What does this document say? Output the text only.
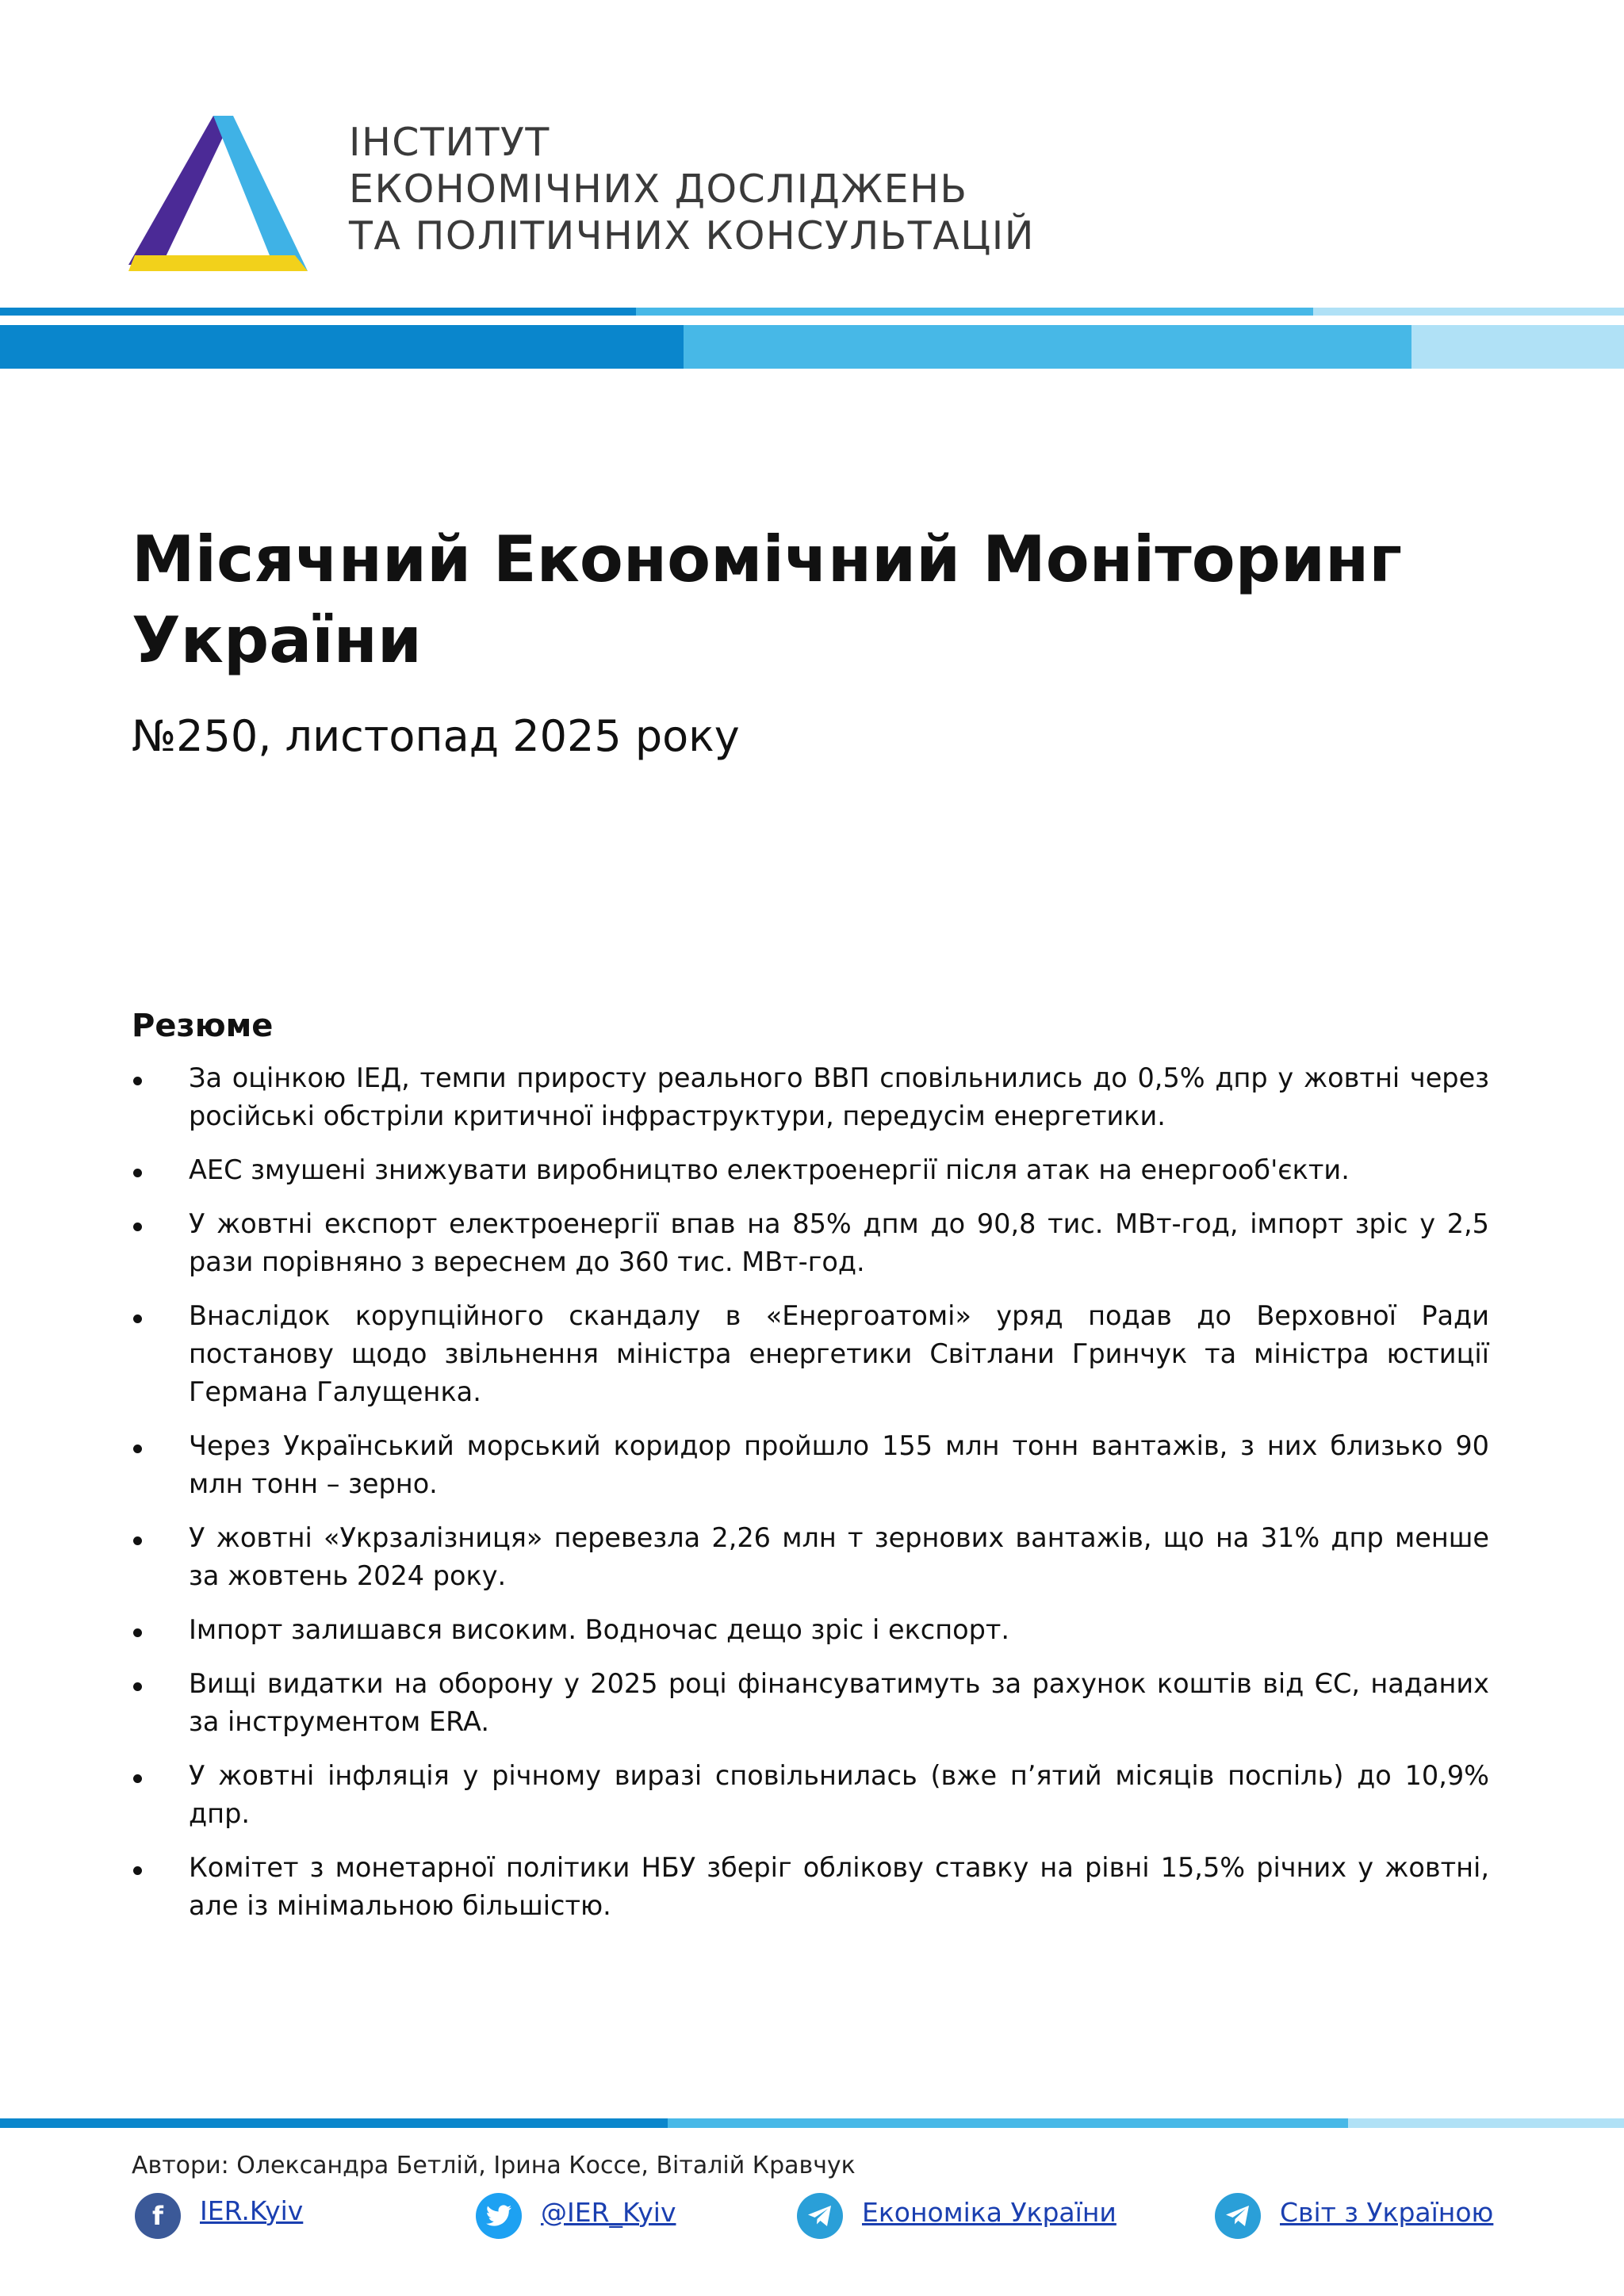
ІНСТИТУТ
ЕКОНОМІЧНИХ ДОСЛІДЖЕНЬ
ТА ПОЛІТИЧНИХ КОНСУЛЬТАЦІЙ
Місячний Економічний Моніторинг України

№250, листопад 2025 року

Резюме
За оцінкою ІЕД, темпи приросту реального ВВП сповільнились до 0,5% дпр у жовтні через російські обстріли критичної інфраструктури, передусім енергетики.
АЕС змушені знижувати виробництво електроенергії після атак на енергооб'єкти.
У жовтні експорт електроенергії впав на 85% дпм до 90,8 тис. МВт-год, імпорт зріс у 2,5 рази порівняно з вереснем до 360 тис. МВт-год.
Внаслідок корупційного скандалу в «Енергоатомі» уряд подав до Верховної Ради постанову щодо звільнення міністра енергетики Світлани Гринчук та міністра юстиції Германа Галущенка.
Через Український морський коридор пройшло 155 млн тонн вантажів, з них близько 90 млн тонн – зерно.
У жовтні «Укрзалізниця» перевезла 2,26 млн т зернових вантажів, що на 31% дпр менше за жовтень 2024 року.
Імпорт залишався високим. Водночас дещо зріс і експорт.
Вищі видатки на оборону у 2025 році фінансуватимуть за рахунок коштів від ЄС, наданих за інструментом ERA.
У жовтні інфляція у річному виразі сповільнилась (вже п’ятий місяців поспіль) до 10,9% дпр.
Комітет з монетарної політики НБУ зберіг облікову ставку на рівні 15,5% річних у жовтні, але із мінімальною більшістю.

Автори: Олександра Бетлій, Ірина Коссе, Віталій Кравчук

f IER.Kyiv	@IER_Kyiv	Економіка України	Світ з Україною
